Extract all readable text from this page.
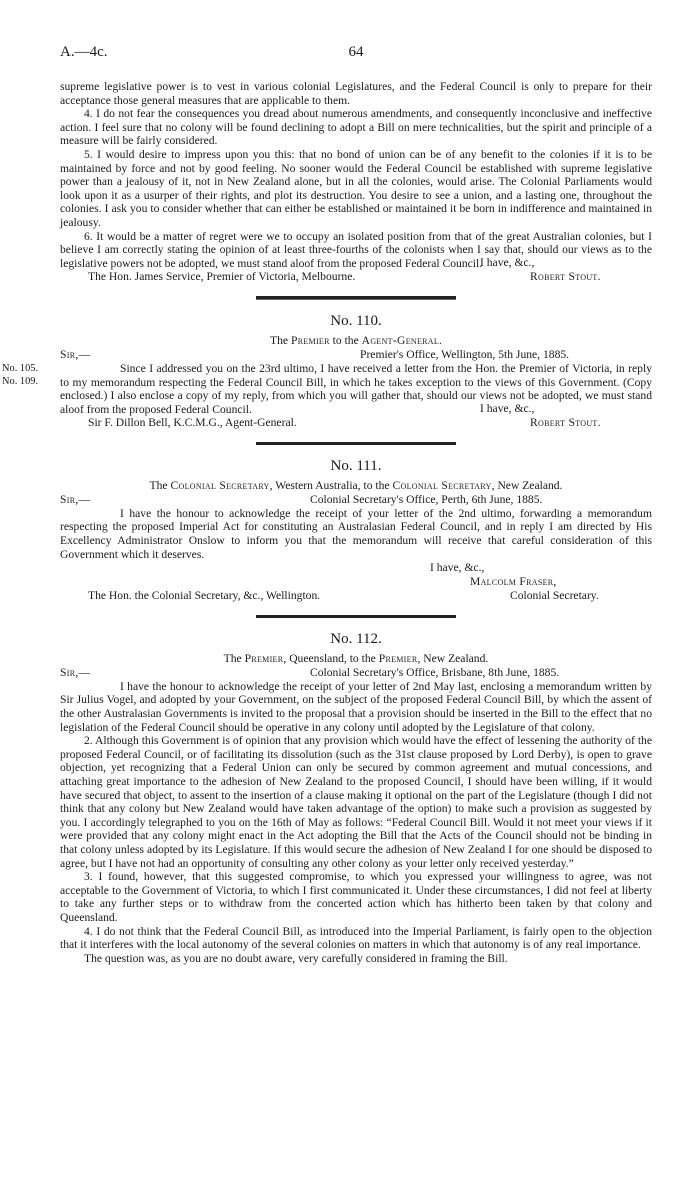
A.—4c.	64

supreme legislative power is to vest in various colonial Legislatures, and the Federal Council is only to prepare for their acceptance those general measures that are applicable to them.

4. I do not fear the consequences you dread about numerous amendments, and consequently inconclusive and ineffective action. I feel sure that no colony will be found declining to adopt a Bill on mere technicalities, but the spirit and principle of a measure will be fairly considered.

5. I would desire to impress upon you this: that no bond of union can be of any benefit to the colonies if it is to be maintained by force and not by good feeling. No sooner would the Federal Council be established with supreme legislative power than a jealousy of it, not in New Zealand alone, but in all the colonies, would arise. The Colonial Parliaments would look upon it as a usurper of their rights, and plot its destruction. You desire to see a union, and a lasting one, throughout the colonies. I ask you to consider whether that can either be established or maintained it be born in indifference and maintained in jealousy.

6. It would be a matter of regret were we to occupy an isolated position from that of the great Australian colonies, but I believe I am correctly stating the opinion of at least three-fourths of the colonists when I say that, should our views as to the legislative powers not be adopted, we must stand aloof from the proposed Federal Council.

I have, &c.,
The Hon. James Service, Premier of Victoria, Melbourne.	Robert Stout.
No. 110.

The Premier to the Agent-General.

Sir,—	Premier's Office, Wellington, 5th June, 1885.
No. 105.
No. 109.

Since I addressed you on the 23rd ultimo, I have received a letter from the Hon. the Premier of Victoria, in reply to my memorandum respecting the Federal Council Bill, in which he takes exception to the views of this Government. (Copy enclosed.) I also enclose a copy of my reply, from which you will gather that, should our views not be adopted, we must stand aloof from the proposed Federal Council.	I have, &c.,
Sir F. Dillon Bell, K.C.M.G., Agent-General.	Robert Stout.
No. 111.

The Colonial Secretary, Western Australia, to the Colonial Secretary, New Zealand.

Sir,—	Colonial Secretary's Office, Perth, 6th June, 1885.

I have the honour to acknowledge the receipt of your letter of the 2nd ultimo, forwarding a memorandum respecting the proposed Imperial Act for constituting an Australasian Federal Council, and in reply I am directed by His Excellency Administrator Onslow to inform you that the memorandum will receive that careful consideration of this Government which it deserves.

I have, &c.,
Malcolm Fraser,
The Hon. the Colonial Secretary, &c., Wellington.	Colonial Secretary.
No. 112.

The Premier, Queensland, to the Premier, New Zealand.

Sir,—	Colonial Secretary's Office, Brisbane, 8th June, 1885.

I have the honour to acknowledge the receipt of your letter of 2nd May last, enclosing a memorandum written by Sir Julius Vogel, and adopted by your Government, on the subject of the proposed Federal Council Bill, by which the assent of the other Australasian Governments is invited to the proposal that a provision should be inserted in the Bill to the effect that no legislation of the Federal Council should be operative in any colony until adopted by the Legislature of that colony.

2. Although this Government is of opinion that any provision which would have the effect of lessening the authority of the proposed Federal Council, or of facilitating its dissolution (such as the 31st clause proposed by Lord Derby), is open to grave objection, yet recognizing that a Federal Union can only be secured by common agreement and mutual concessions, and attaching great importance to the adhesion of New Zealand to the proposed Council, I should have been willing, if it would have secured that object, to assent to the insertion of a clause making it optional on the part of the Legislature (though I did not think that any colony but New Zealand would have taken advantage of the option) to make such a provision as suggested by you. I accordingly telegraphed to you on the 16th of May as follows: “Federal Council Bill. Would it not meet your views if it were provided that any colony might enact in the Act adopting the Bill that the Acts of the Council should not be binding in that colony unless adopted by its Legislature. If this would secure the adhesion of New Zealand I for one should be disposed to agree, but I have not had an opportunity of consulting any other colony as your letter only received yesterday.”

3. I found, however, that this suggested compromise, to which you expressed your willingness to agree, was not acceptable to the Government of Victoria, to which I first communicated it. Under these circumstances, I did not feel at liberty to take any further steps or to withdraw from the concerted action which has hitherto been taken by that colony and Queensland.

4. I do not think that the Federal Council Bill, as introduced into the Imperial Parliament, is fairly open to the objection that it interferes with the local autonomy of the several colonies on matters in which that autonomy is of any real importance.

The question was, as you are no doubt aware, very carefully considered in framing the Bill.
